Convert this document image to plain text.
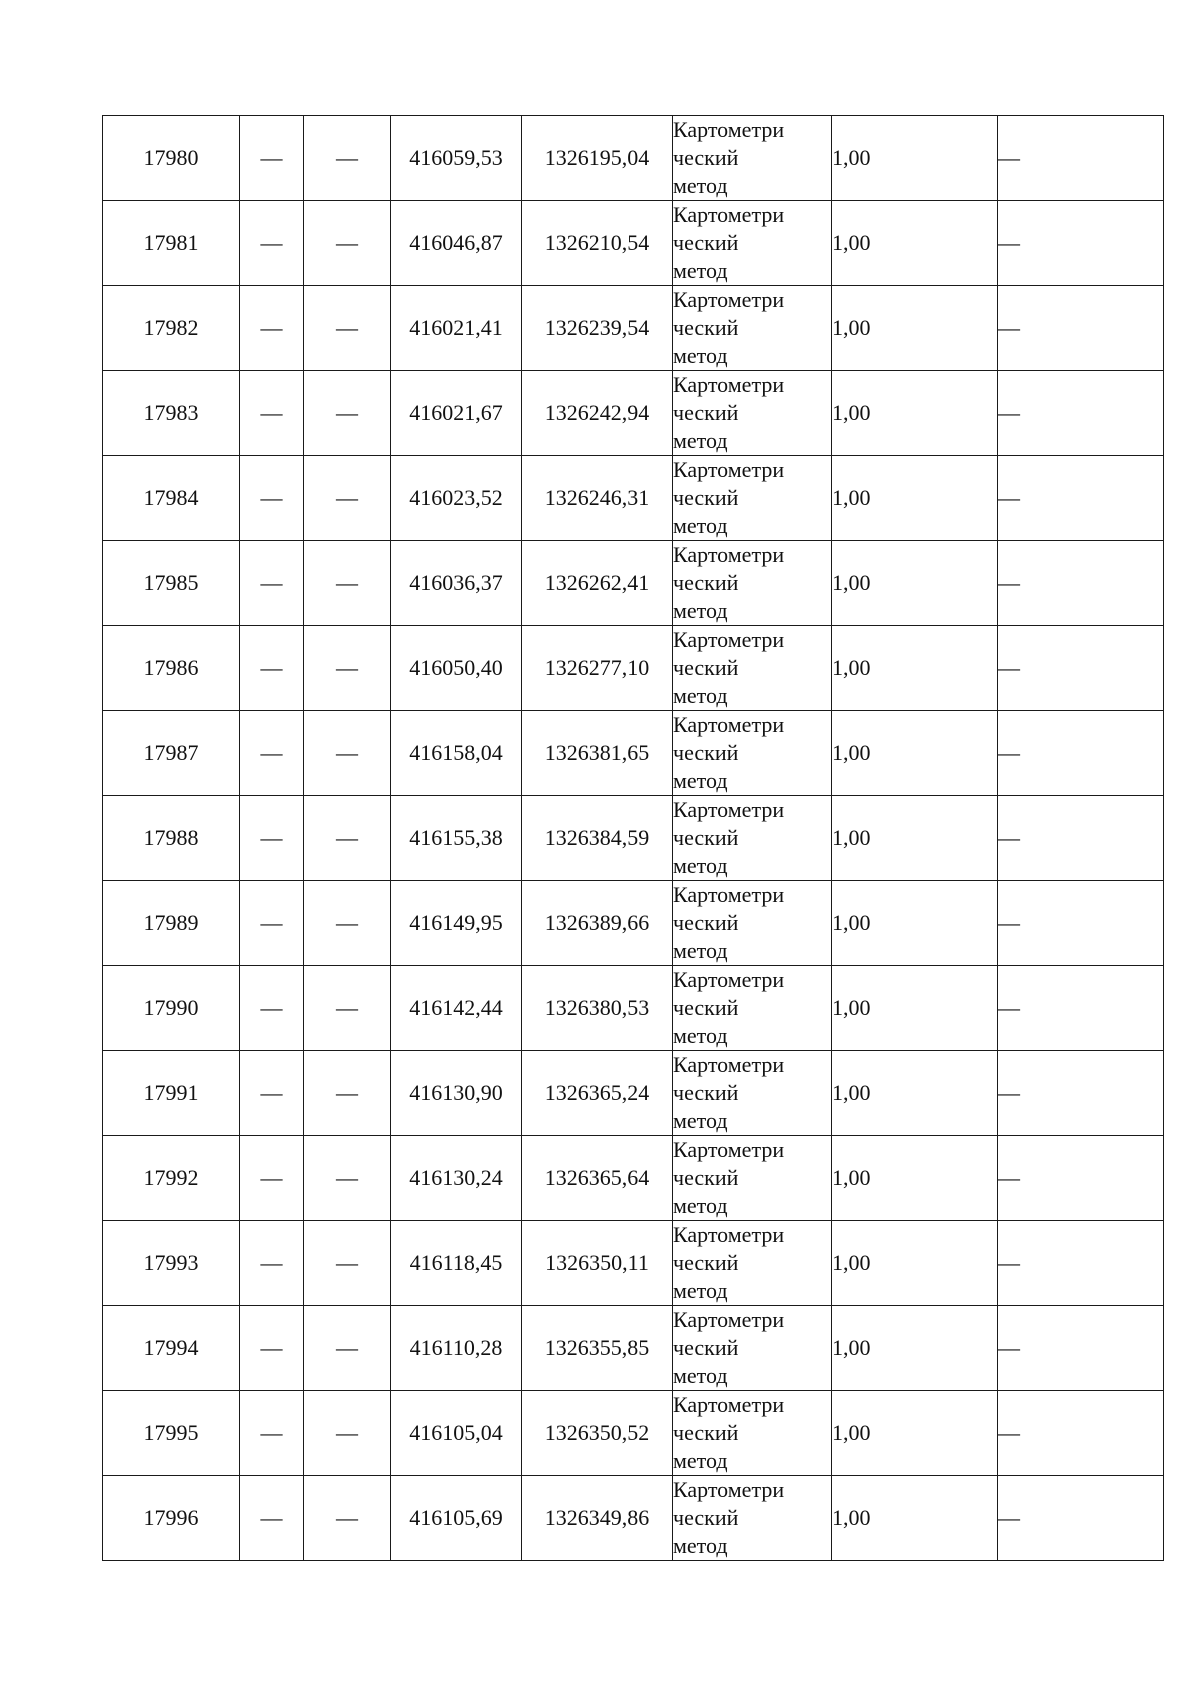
17980	—	—	416059,53	1326195,04	Картометри
ческий
метод	1,00	—
17981	—	—	416046,87	1326210,54	Картометри
ческий
метод	1,00	—
17982	—	—	416021,41	1326239,54	Картометри
ческий
метод	1,00	—
17983	—	—	416021,67	1326242,94	Картометри
ческий
метод	1,00	—
17984	—	—	416023,52	1326246,31	Картометри
ческий
метод	1,00	—
17985	—	—	416036,37	1326262,41	Картометри
ческий
метод	1,00	—
17986	—	—	416050,40	1326277,10	Картометри
ческий
метод	1,00	—
17987	—	—	416158,04	1326381,65	Картометри
ческий
метод	1,00	—
17988	—	—	416155,38	1326384,59	Картометри
ческий
метод	1,00	—
17989	—	—	416149,95	1326389,66	Картометри
ческий
метод	1,00	—
17990	—	—	416142,44	1326380,53	Картометри
ческий
метод	1,00	—
17991	—	—	416130,90	1326365,24	Картометри
ческий
метод	1,00	—
17992	—	—	416130,24	1326365,64	Картометри
ческий
метод	1,00	—
17993	—	—	416118,45	1326350,11	Картометри
ческий
метод	1,00	—
17994	—	—	416110,28	1326355,85	Картометри
ческий
метод	1,00	—
17995	—	—	416105,04	1326350,52	Картометри
ческий
метод	1,00	—
17996	—	—	416105,69	1326349,86	Картометри
ческий
метод	1,00	—
